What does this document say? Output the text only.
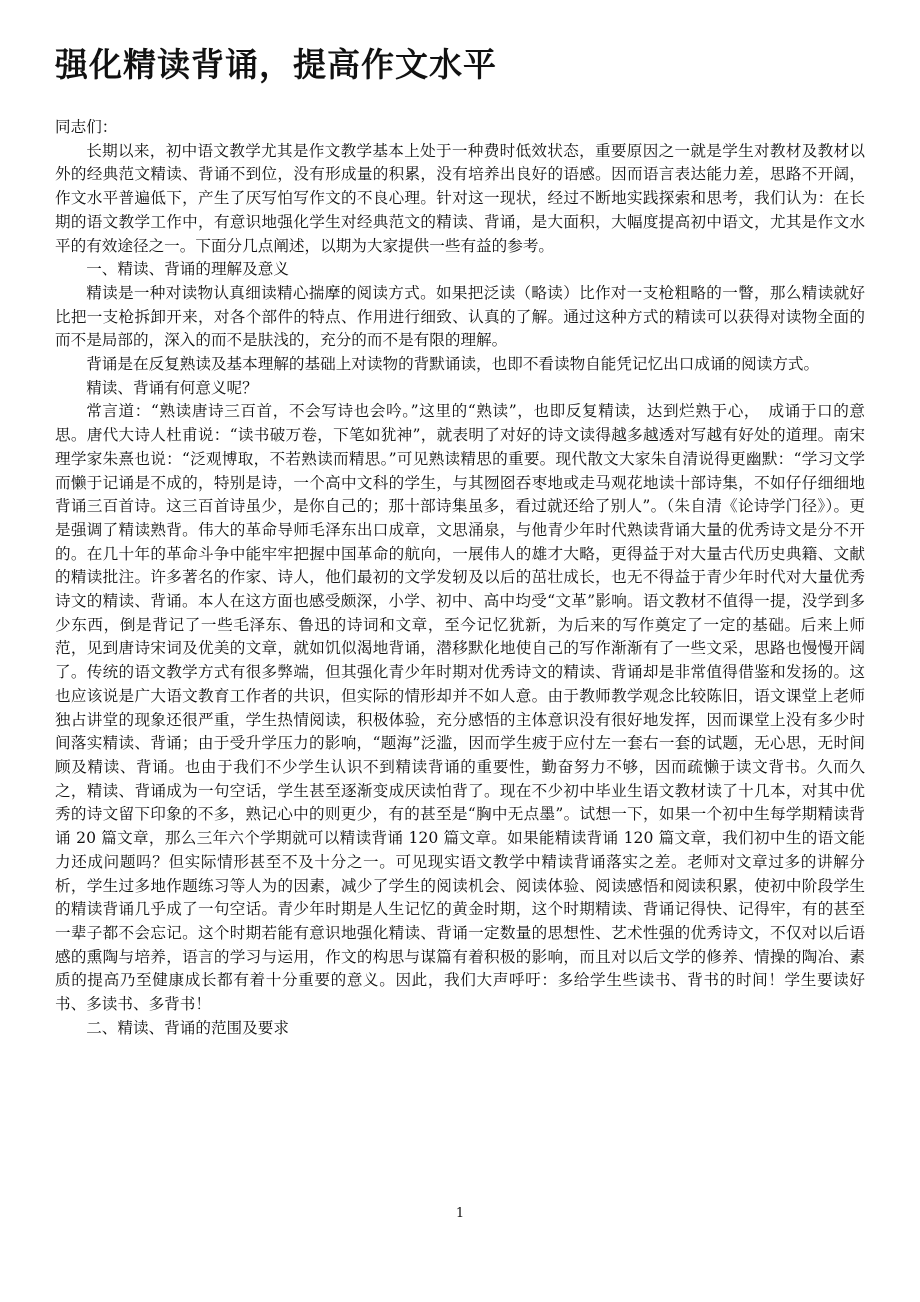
强化精读背诵，提高作文水平

同志们：

长期以来，初中语文教学尤其是作文教学基本上处于一种费时低效状态，重要原因之一就是学生对教材及教材以外的经典范文精读、背诵不到位，没有形成量的积累，没有培养出良好的语感。因而语言表达能力差，思路不开阔，作文水平普遍低下，产生了厌写怕写作文的不良心理。针对这一现状，经过不断地实践探索和思考，我们认为：在长期的语文教学工作中，有意识地强化学生对经典范文的精读、背诵，是大面积，大幅度提高初中语文，尤其是作文水平的有效途径之一。下面分几点阐述，以期为大家提供一些有益的参考。

一、精读、背诵的理解及意义

精读是一种对读物认真细读精心揣摩的阅读方式。如果把泛读（略读）比作对一支枪粗略的一瞥，那么精读就好比把一支枪拆卸开来，对各个部件的特点、作用进行细致、认真的了解。通过这种方式的精读可以获得对读物全面的而不是局部的，深入的而不是肤浅的，充分的而不是有限的理解。

背诵是在反复熟读及基本理解的基础上对读物的背默诵读，也即不看读物自能凭记忆出口成诵的阅读方式。

精读、背诵有何意义呢？

常言道：“熟读唐诗三百首，不会写诗也会吟。”这里的“熟读”，也即反复精读，达到烂熟于心，　成诵于口的意思。唐代大诗人杜甫说：“读书破万卷，下笔如犹神”，就表明了对好的诗文读得越多越透对写越有好处的道理。南宋理学家朱熹也说：“泛观博取，不若熟读而精思。”可见熟读精思的重要。现代散文大家朱自清说得更幽默：“学习文学而懒于记诵是不成的，特别是诗，一个高中文科的学生，与其囫囵吞枣地或走马观花地读十部诗集，不如仔仔细细地背诵三百首诗。这三百首诗虽少，是你自己的；那十部诗集虽多，看过就还给了别人”。（朱自清《论诗学门径》）。更是强调了精读熟背。伟大的革命导师毛泽东出口成章，文思涌泉，与他青少年时代熟读背诵大量的优秀诗文是分不开的。在几十年的革命斗争中能牢牢把握中国革命的航向，一展伟人的雄才大略，更得益于对大量古代历史典籍、文献的精读批注。许多著名的作家、诗人，他们最初的文学发轫及以后的茁壮成长，也无不得益于青少年时代对大量优秀诗文的精读、背诵。本人在这方面也感受颇深，小学、初中、高中均受“文革”影响。语文教材不值得一提，没学到多少东西，倒是背记了一些毛泽东、鲁迅的诗词和文章，至今记忆犹新，为后来的写作奠定了一定的基础。后来上师范，见到唐诗宋词及优美的文章，就如饥似渴地背诵，潜移默化地使自己的写作渐渐有了一些文采，思路也慢慢开阔了。传统的语文教学方式有很多弊端，但其强化青少年时期对优秀诗文的精读、背诵却是非常值得借鉴和发扬的。这也应该说是广大语文教育工作者的共识，但实际的情形却并不如人意。由于教师教学观念比较陈旧，语文课堂上老师独占讲堂的现象还很严重，学生热情阅读，积极体验，充分感悟的主体意识没有很好地发挥，因而课堂上没有多少时间落实精读、背诵；由于受升学压力的影响，“题海”泛滥，因而学生疲于应付左一套右一套的试题，无心思，无时间顾及精读、背诵。也由于我们不少学生认识不到精读背诵的重要性，勤奋努力不够，因而疏懒于读文背书。久而久之，精读、背诵成为一句空话，学生甚至逐渐变成厌读怕背了。现在不少初中毕业生语文教材读了十几本，对其中优秀的诗文留下印象的不多，熟记心中的则更少，有的甚至是“胸中无点墨”。试想一下，如果一个初中生每学期精读背诵 20 篇文章，那么三年六个学期就可以精读背诵 120 篇文章。如果能精读背诵 120 篇文章，我们初中生的语文能力还成问题吗？但实际情形甚至不及十分之一。可见现实语文教学中精读背诵落实之差。老师对文章过多的讲解分析，学生过多地作题练习等人为的因素，减少了学生的阅读机会、阅读体验、阅读感悟和阅读积累，使初中阶段学生的精读背诵几乎成了一句空话。青少年时期是人生记忆的黄金时期，这个时期精读、背诵记得快、记得牢，有的甚至一辈子都不会忘记。这个时期若能有意识地强化精读、背诵一定数量的思想性、艺术性强的优秀诗文，不仅对以后语感的熏陶与培养，语言的学习与运用，作文的构思与谋篇有着积极的影响，而且对以后文学的修养、情操的陶冶、素质的提高乃至健康成长都有着十分重要的意义。因此，我们大声呼吁：多给学生些读书、背书的时间！学生要读好书、多读书、多背书！

二、精读、背诵的范围及要求

1
